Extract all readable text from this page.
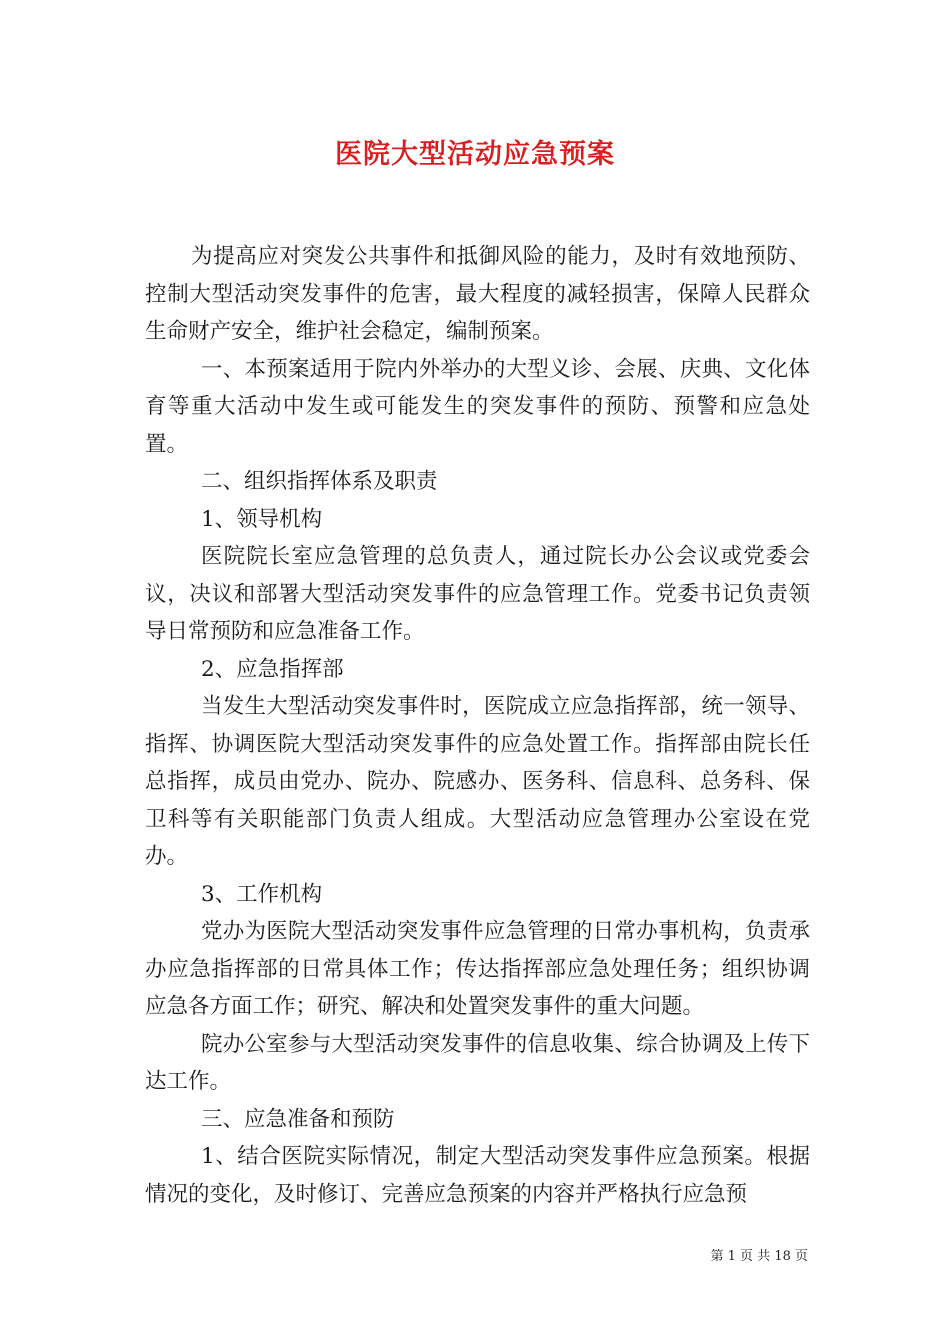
医院大型活动应急预案

为提高应对突发公共事件和抵御风险的能力，及时有效地预防、控制大型活动突发事件的危害，最大程度的减轻损害，保障人民群众生命财产安全，维护社会稳定，编制预案。

一、本预案适用于院内外举办的大型义诊、会展、庆典、文化体育等重大活动中发生或可能发生的突发事件的预防、预警和应急处置。

二、组织指挥体系及职责

1、领导机构

医院院长室应急管理的总负责人，通过院长办公会议或党委会议，决议和部署大型活动突发事件的应急管理工作。党委书记负责领导日常预防和应急准备工作。

2、应急指挥部

当发生大型活动突发事件时，医院成立应急指挥部，统一领导、指挥、协调医院大型活动突发事件的应急处置工作。指挥部由院长任总指挥，成员由党办、院办、院感办、医务科、信息科、总务科、保卫科等有关职能部门负责人组成。大型活动应急管理办公室设在党办。

3、工作机构

党办为医院大型活动突发事件应急管理的日常办事机构，负责承办应急指挥部的日常具体工作；传达指挥部应急处理任务；组织协调应急各方面工作；研究、解决和处置突发事件的重大问题。

院办公室参与大型活动突发事件的信息收集、综合协调及上传下达工作。

三、应急准备和预防

1、结合医院实际情况，制定大型活动突发事件应急预案。根据情况的变化，及时修订、完善应急预案的内容并严格执行应急预

第 1 页 共 18 页
